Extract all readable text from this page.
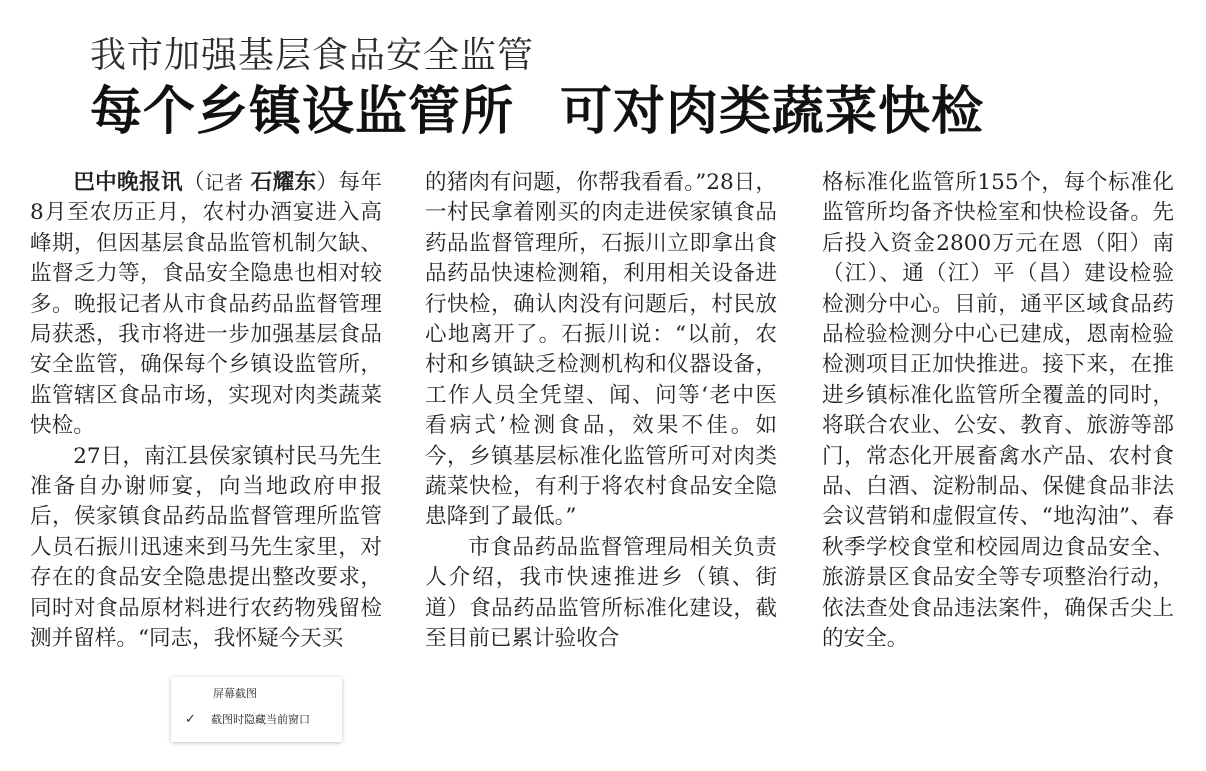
我市加强基层食品安全监管
每个乡镇设监管所 可对肉类蔬菜快检

巴中晚报讯（记者 石耀东）每年8月至农历正月，农村办酒宴进入高峰期，但因基层食品监管机制欠缺、监督乏力等，食品安全隐患也相对较多。晚报记者从市食品药品监督管理局获悉，我市将进一步加强基层食品安全监管，确保每个乡镇设监管所，监管辖区食品市场，实现对肉类蔬菜快检。

27日，南江县侯家镇村民马先生准备自办谢师宴，向当地政府申报后，侯家镇食品药品监督管理所监管人员石振川迅速来到马先生家里，对存在的食品安全隐患提出整改要求，同时对食品原材料进行农药物残留检测并留样。“同志，我怀疑今天买

的猪肉有问题，你帮我看看。”28日，一村民拿着刚买的肉走进侯家镇食品药品监督管理所，石振川立即拿出食品药品快速检测箱，利用相关设备进行快检，确认肉没有问题后，村民放心地离开了。石振川说：“以前，农村和乡镇缺乏检测机构和仪器设备，工作人员全凭望、闻、问等‘老中医看病式’检测食品，效果不佳。如今，乡镇基层标准化监管所可对肉类蔬菜快检，有利于将农村食品安全隐患降到了最低。”

市食品药品监督管理局相关负责人介绍，我市快速推进乡（镇、街道）食品药品监管所标准化建设，截至目前已累计验收合

格标准化监管所155个，每个标准化监管所均备齐快检室和快检设备。先后投入资金2800万元在恩（阳）南（江）、通（江）平（昌）建设检验检测分中心。目前，通平区域食品药品检验检测分中心已建成，恩南检验检测项目正加快推进。接下来，在推进乡镇标准化监管所全覆盖的同时，将联合农业、公安、教育、旅游等部门，常态化开展畜禽水产品、农村食品、白酒、淀粉制品、保健食品非法会议营销和虚假宣传、“地沟油”、春秋季学校食堂和校园周边食品安全、旅游景区食品安全等专项整治行动，依法查处食品违法案件，确保舌尖上的安全。

屏幕截图
✓	截图时隐藏当前窗口
